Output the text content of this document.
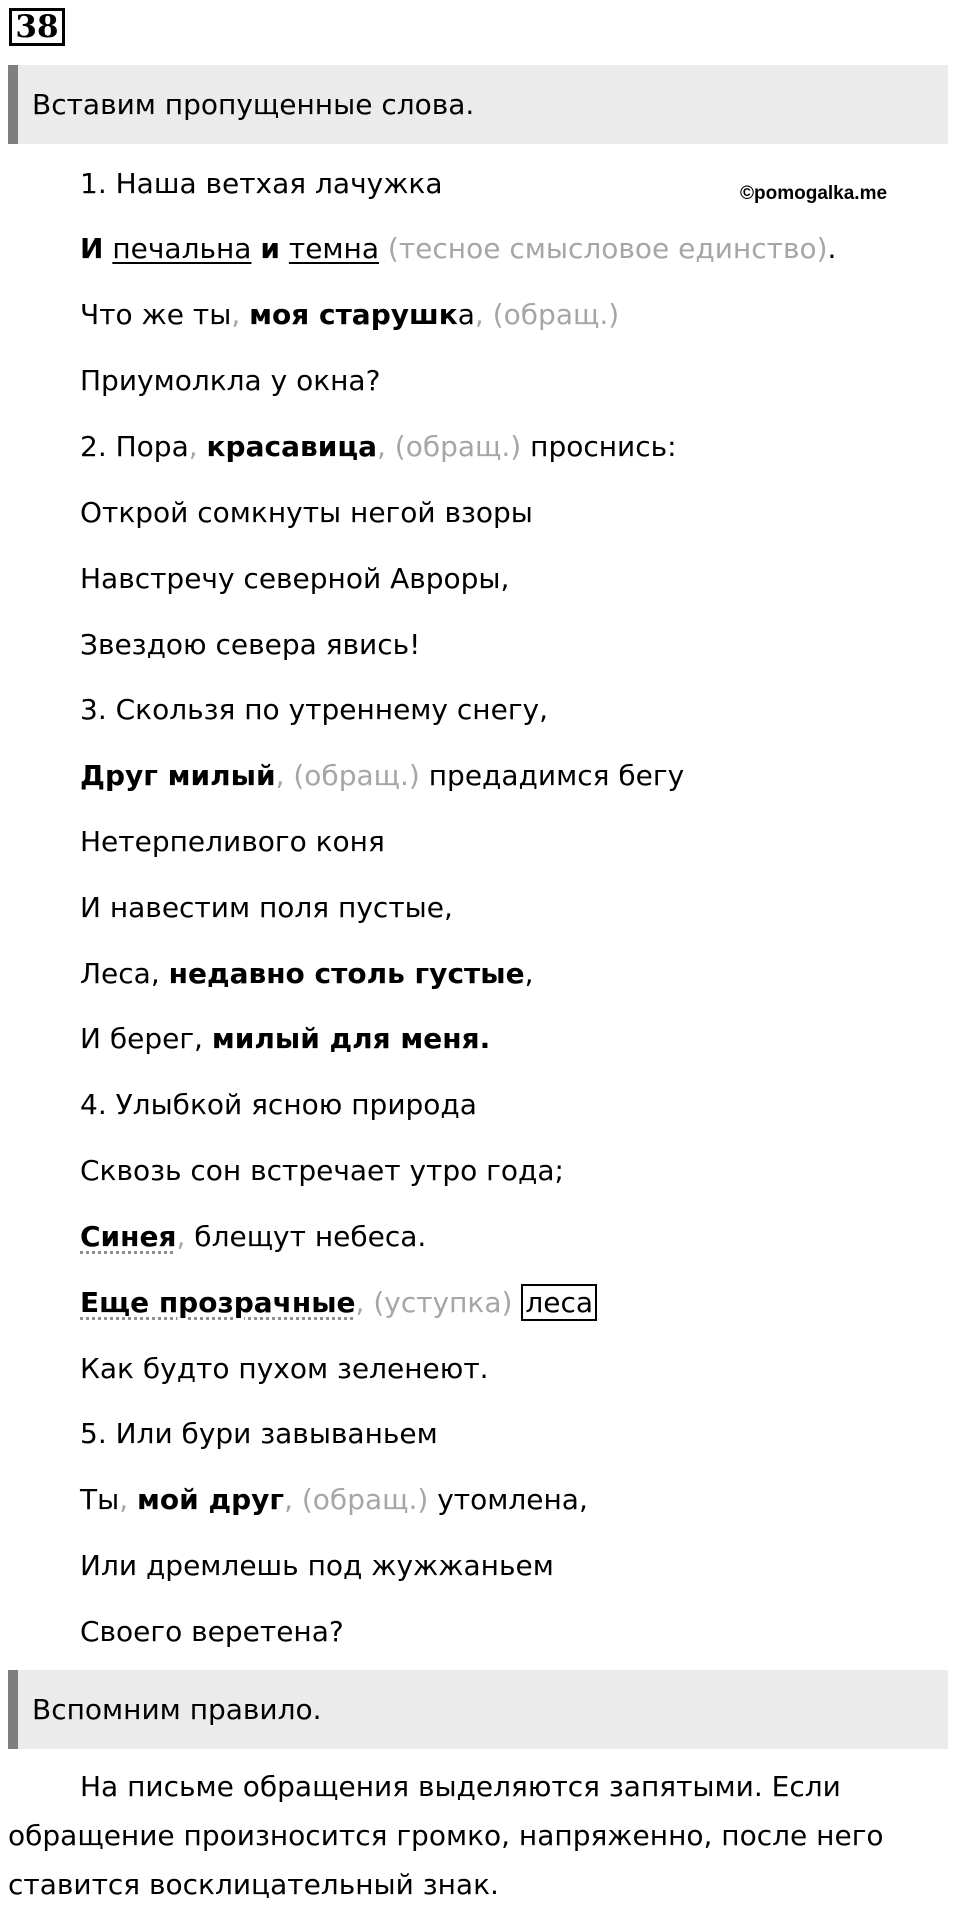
38
Вставим пропущенные слова.
©pomogalka.me
1. Наша ветхая лачужка
И печальна и темна (тесное смысловое единство).
Что же ты, моя старушка, (обращ.)
Приумолкла у окна?
2. Пора, красавица, (обращ.) проснись:
Открой сомкнуты негой взоры
Навстречу северной Авроры,
Звездою севера явись!
3. Скользя по утреннему снегу,
Друг милый, (обращ.) предадимся бегу
Нетерпеливого коня
И навестим поля пустые,
Леса, недавно столь густые,
И берег, милый для меня.
4. Улыбкой ясною природа
Сквозь сон встречает утро года;
Синея, блещут небеса.
Еще прозрачные, (уступка) леса
Как будто пухом зеленеют.
5. Или бури завываньем
Ты, мой друг, (обращ.) утомлена,
Или дремлешь под жужжаньем
Своего веретена?
Вспомним правило.
На письме обращения выделяются запятыми. Если обращение произносится громко, напряженно, после него ставится восклицательный знак.
